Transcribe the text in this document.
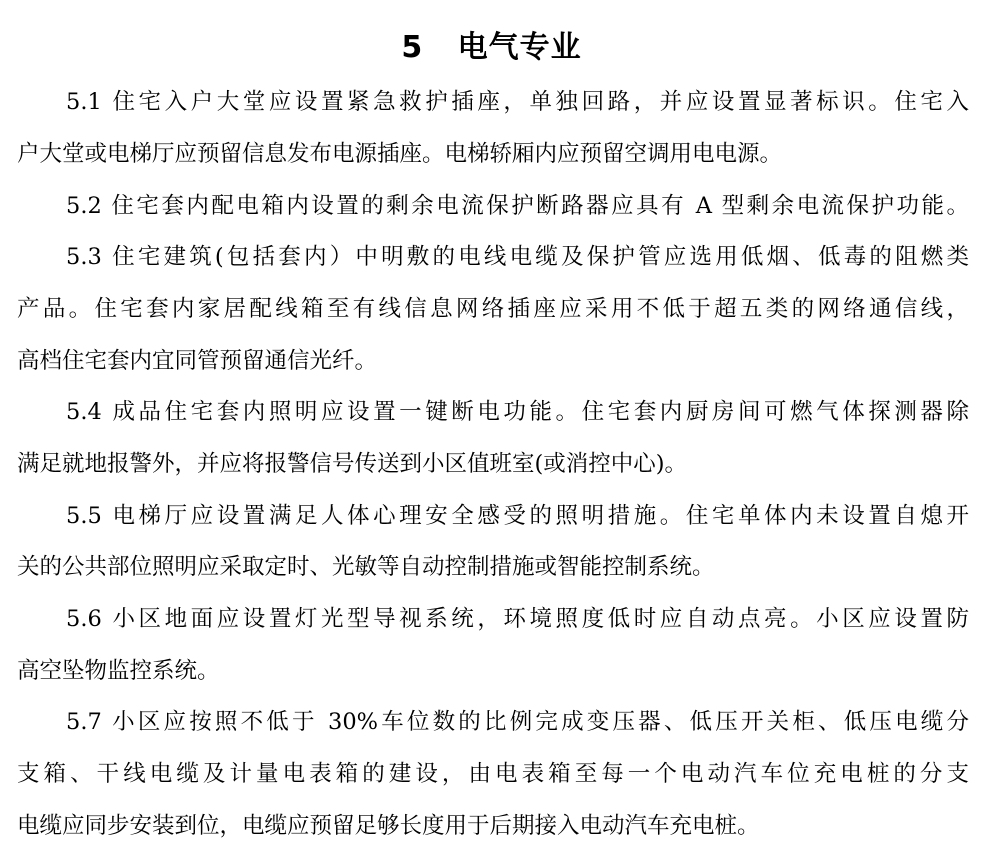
5   电气专业
5.1 住宅入户大堂应设置紧急救护插座，单独回路，并应设置显著标识。住宅入
户大堂或电梯厅应预留信息发布电源插座。电梯轿厢内应预留空调用电电源。
5.2 住宅套内配电箱内设置的剩余电流保护断路器应具有 A 型剩余电流保护功能。
5.3 住宅建筑(包括套内）中明敷的电线电缆及保护管应选用低烟、低毒的阻燃类
产品。住宅套内家居配线箱至有线信息网络插座应采用不低于超五类的网络通信线，
高档住宅套内宜同管预留通信光纤。
5.4 成品住宅套内照明应设置一键断电功能。住宅套内厨房间可燃气体探测器除
满足就地报警外，并应将报警信号传送到小区值班室(或消控中心)。
5.5 电梯厅应设置满足人体心理安全感受的照明措施。住宅单体内未设置自熄开
关的公共部位照明应采取定时、光敏等自动控制措施或智能控制系统。
5.6 小区地面应设置灯光型导视系统，环境照度低时应自动点亮。小区应设置防
高空坠物监控系统。
5.7 小区应按照不低于 30%车位数的比例完成变压器、低压开关柜、低压电缆分
支箱、干线电缆及计量电表箱的建设，由电表箱至每一个电动汽车位充电桩的分支
电缆应同步安装到位，电缆应预留足够长度用于后期接入电动汽车充电桩。
